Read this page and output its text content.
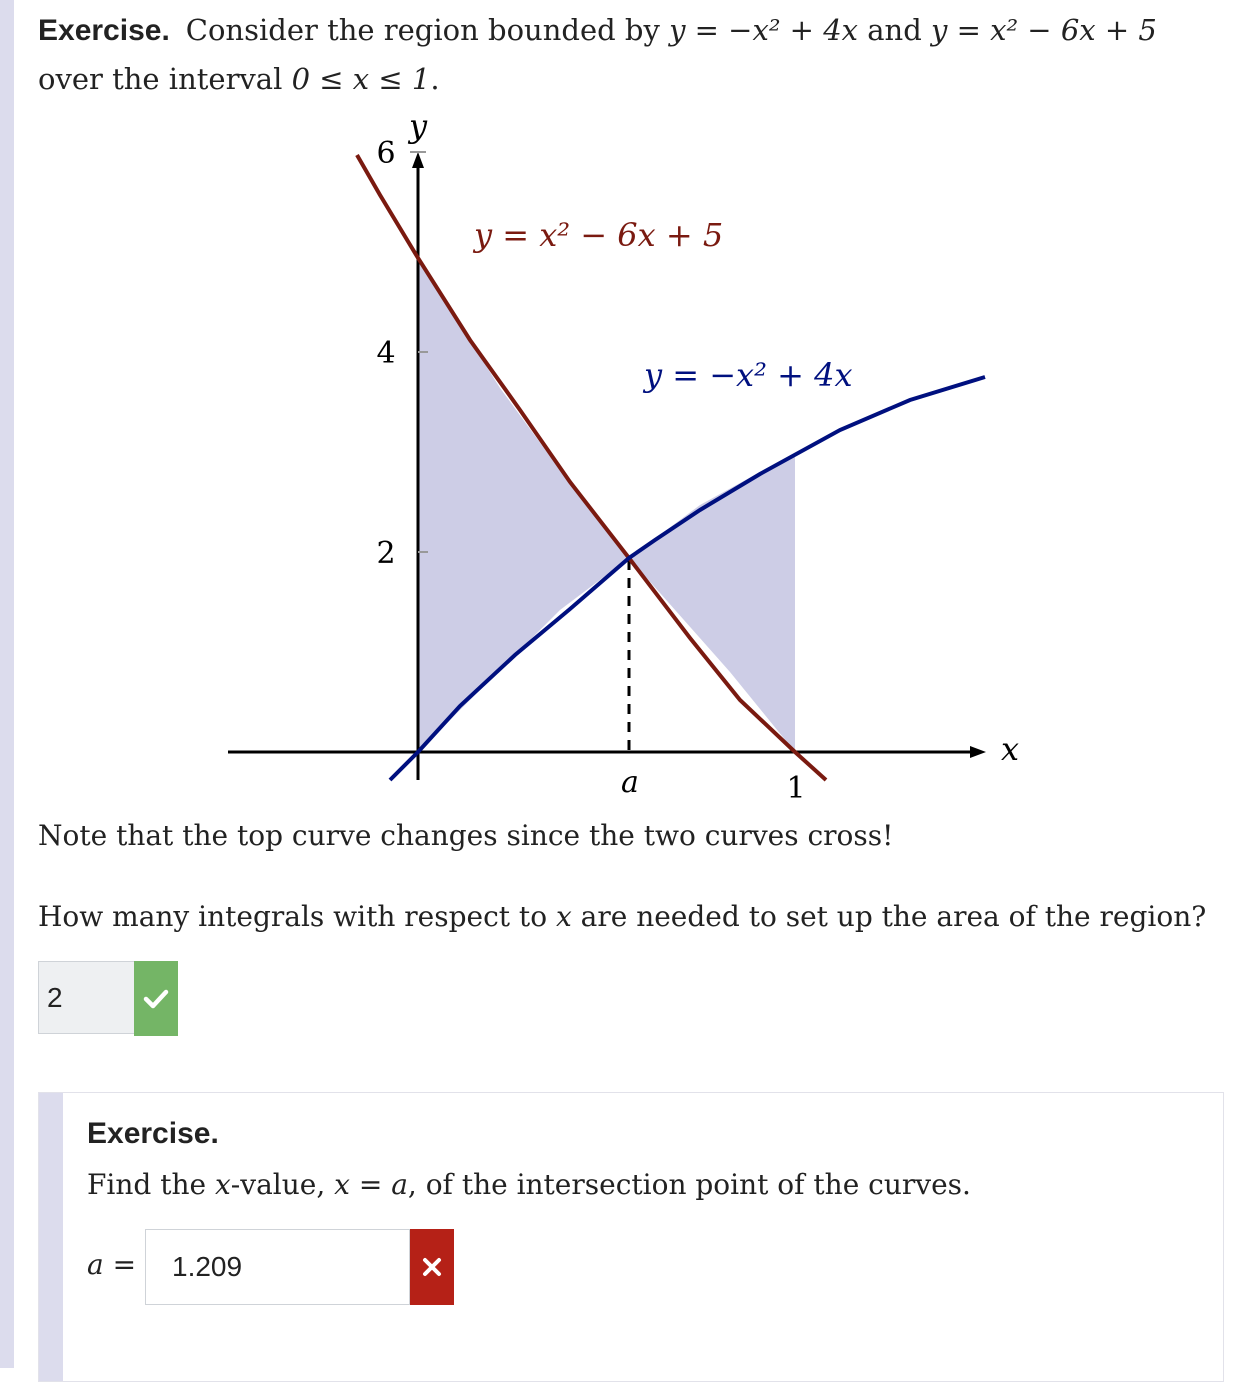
Exercise. Consider the region bounded by y = −x² + 4x and y = x² − 6x + 5 over the interval 0 ≤ x ≤ 1.
y
x
6
4
2
a	1
y = x² − 6x + 5
y = −x² + 4x
Note that the top curve changes since the two curves cross!
How many integrals with respect to x are needed to set up the area of the region?
2
Exercise.
Find the x-value, x = a, of the intersection point of the curves.
a =	1.209
